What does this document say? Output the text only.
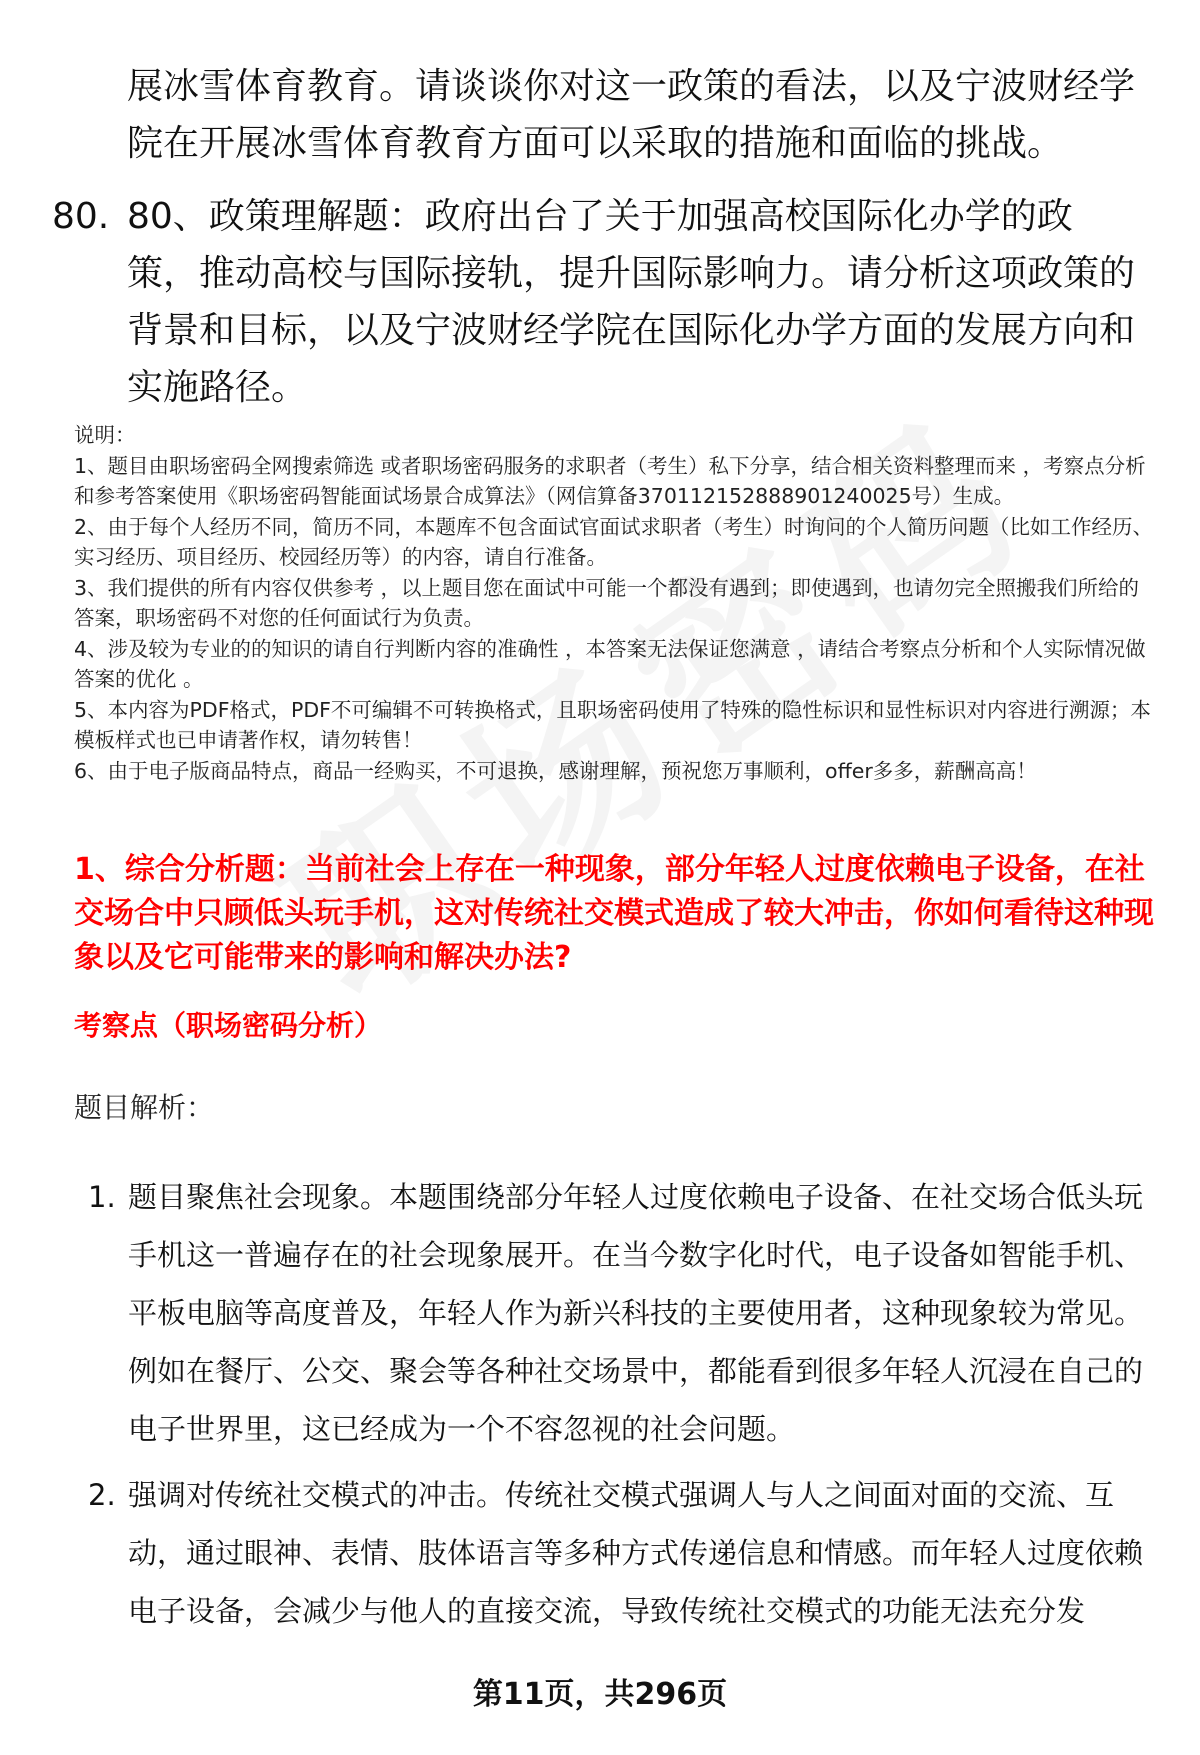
展冰雪体育教育。请谈谈你对这一政策的看法，以及宁波财经学院在开展冰雪体育教育方面可以采取的措施和面临的挑战。
80. 80、政策理解题：政府出台了关于加强高校国际化办学的政策，推动高校与国际接轨，提升国际影响力。请分析这项政策的背景和目标，以及宁波财经学院在国际化办学方面的发展方向和实施路径。

说明：

1、题目由职场密码全网搜索筛选 或者职场密码服务的求职者（考生）私下分享，结合相关资料整理而来 ，考察点分析和参考答案使用《职场密码智能面试场景合成算法》（网信算备370112152888901240025号）生成。

2、由于每个人经历不同，简历不同，本题库不包含面试官面试求职者（考生）时询问的个人简历问题（比如工作经历、实习经历、项目经历、校园经历等）的内容，请自行准备。

3、我们提供的所有内容仅供参考 ，以上题目您在面试中可能一个都没有遇到；即使遇到，也请勿完全照搬我们所给的答案，职场密码不对您的任何面试行为负责。

4、涉及较为专业的的知识的请自行判断内容的准确性 ，本答案无法保证您满意 ，请结合考察点分析和个人实际情况做答案的优化 。

5、本内容为PDF格式，PDF不可编辑不可转换格式，且职场密码使用了特殊的隐性标识和显性标识对内容进行溯源；本模板样式也已申请著作权，请勿转售！

6、由于电子版商品特点，商品一经购买，不可退换，感谢理解，预祝您万事顺利，offer多多，薪酬高高！

1、综合分析题：当前社会上存在一种现象，部分年轻人过度依赖电子设备，在社交场合中只顾低头玩手机，这对传统社交模式造成了较大冲击，你如何看待这种现象以及它可能带来的影响和解决办法?
考察点（职场密码分析）
题目解析：
1. 题目聚焦社会现象。本题围绕部分年轻人过度依赖电子设备、在社交场合低头玩手机这一普遍存在的社会现象展开。在当今数字化时代，电子设备如智能手机、平板电脑等高度普及，年轻人作为新兴科技的主要使用者，这种现象较为常见。例如在餐厅、公交、聚会等各种社交场景中，都能看到很多年轻人沉浸在自己的电子世界里，这已经成为一个不容忽视的社会问题。
2. 强调对传统社交模式的冲击。传统社交模式强调人与人之间面对面的交流、互动，通过眼神、表情、肢体语言等多种方式传递信息和情感。而年轻人过度依赖电子设备，会减少与他人的直接交流，导致传统社交模式的功能无法充分发
第11页，共296页
